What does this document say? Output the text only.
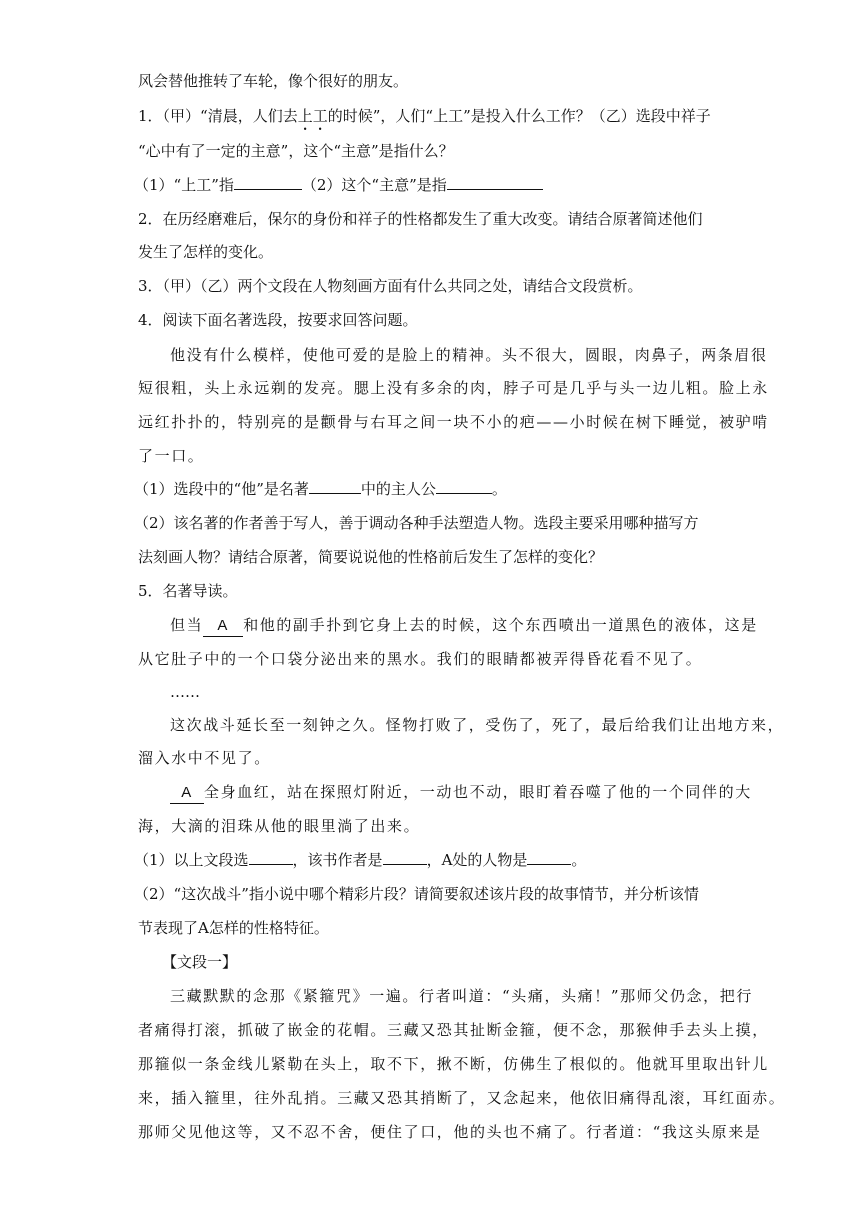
风会替他推转了车轮，像个很好的朋友。
1．（甲）“清晨，人们去上工的时候”，人们“上工”是投入什么工作？（乙）选段中祥子
“心中有了一定的主意”，这个“主意”是指什么？
（1）“上工”指	（2）这个“主意”是指
2．在历经磨难后，保尔的身份和祥子的性格都发生了重大改变。请结合原著简述他们
发生了怎样的变化。
3．（甲）（乙）两个文段在人物刻画方面有什么共同之处，请结合文段赏析。
4．阅读下面名著选段，按要求回答问题。
他没有什么模样，使他可爱的是脸上的精神。头不很大，圆眼，肉鼻子，两条眉很
短很粗，头上永远剃的发亮。腮上没有多余的肉，脖子可是几乎与头一边儿粗。脸上永
远红扑扑的，特别亮的是颧骨与右耳之间一块不小的疤——小时候在树下睡觉，被驴啃
了一口。
（1）选段中的“他”是名著	中的主人公	。
（2）该名著的作者善于写人，善于调动各种手法塑造人物。选段主要采用哪种描写方
法刻画人物？请结合原著，简要说说他的性格前后发生了怎样的变化？
5．名著导读。
但当 A 和他的副手扑到它身上去的时候，这个东西喷出一道黑色的液体，这是
从它肚子中的一个口袋分泌出来的黑水。我们的眼睛都被弄得昏花看不见了。
……
这次战斗延长至一刻钟之久。怪物打败了，受伤了，死了，最后给我们让出地方来，
溜入水中不见了。
A 全身血红，站在探照灯附近，一动也不动，眼盯着吞噬了他的一个同伴的大
海，大滴的泪珠从他的眼里淌了出来。
（1）以上文段选	，该书作者是	，A处的人物是	。
（2）“这次战斗”指小说中哪个精彩片段？请简要叙述该片段的故事情节，并分析该情
节表现了A怎样的性格特征。
【文段一】
三藏默默的念那《紧箍咒》一遍。行者叫道：“头痛，头痛！”那师父仍念，把行
者痛得打滚，抓破了嵌金的花帽。三藏又恐其扯断金箍，便不念，那猴伸手去头上摸，
那箍似一条金线儿紧勒在头上，取不下，揪不断，仿佛生了根似的。他就耳里取出针儿
来，插入箍里，往外乱捎。三藏又恐其捎断了，又念起来，他依旧痛得乱滚，耳红面赤。
那师父见他这等，又不忍不舍，便住了口，他的头也不痛了。行者道：“我这头原来是
